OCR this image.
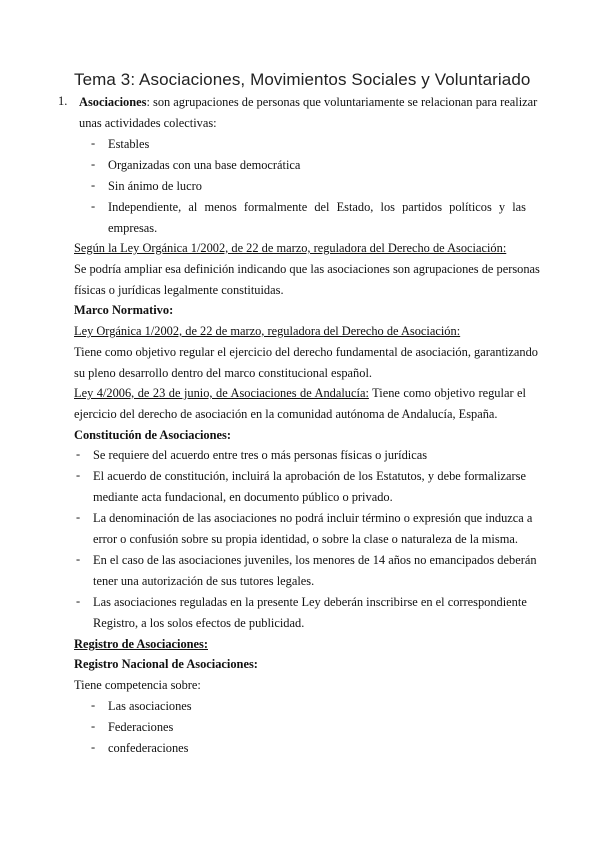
Tema 3: Asociaciones, Movimientos Sociales y Voluntariado
1. Asociaciones: son agrupaciones de personas que voluntariamente se relacionan para realizar
unas actividades colectivas:
- Estables
- Organizadas con una base democrática
- Sin ánimo de lucro
- Independiente, al menos formalmente del Estado, los partidos políticos y las
empresas.
Según la Ley Orgánica 1/2002, de 22 de marzo, reguladora del Derecho de Asociación:
Se podría ampliar esa definición indicando que las asociaciones son agrupaciones de personas
físicas o jurídicas legalmente constituidas.
Marco Normativo:
Ley Orgánica 1/2002, de 22 de marzo, reguladora del Derecho de Asociación:
Tiene como objetivo regular el ejercicio del derecho fundamental de asociación, garantizando
su pleno desarrollo dentro del marco constitucional español.
Ley 4/2006, de 23 de junio, de Asociaciones de Andalucía: Tiene como objetivo regular el
ejercicio del derecho de asociación en la comunidad autónoma de Andalucía, España.
Constitución de Asociaciones:
- Se requiere del acuerdo entre tres o más personas físicas o jurídicas
- El acuerdo de constitución, incluirá la aprobación de los Estatutos, y debe formalizarse
mediante acta fundacional, en documento público o privado.
- La denominación de las asociaciones no podrá incluir término o expresión que induzca a
error o confusión sobre su propia identidad, o sobre la clase o naturaleza de la misma.
- En el caso de las asociaciones juveniles, los menores de 14 años no emancipados deberán
tener una autorización de sus tutores legales.
- Las asociaciones reguladas en la presente Ley deberán inscribirse en el correspondiente
Registro, a los solos efectos de publicidad.
Registro de Asociaciones:
Registro Nacional de Asociaciones:
Tiene competencia sobre:
- Las asociaciones
- Federaciones
- confederaciones
